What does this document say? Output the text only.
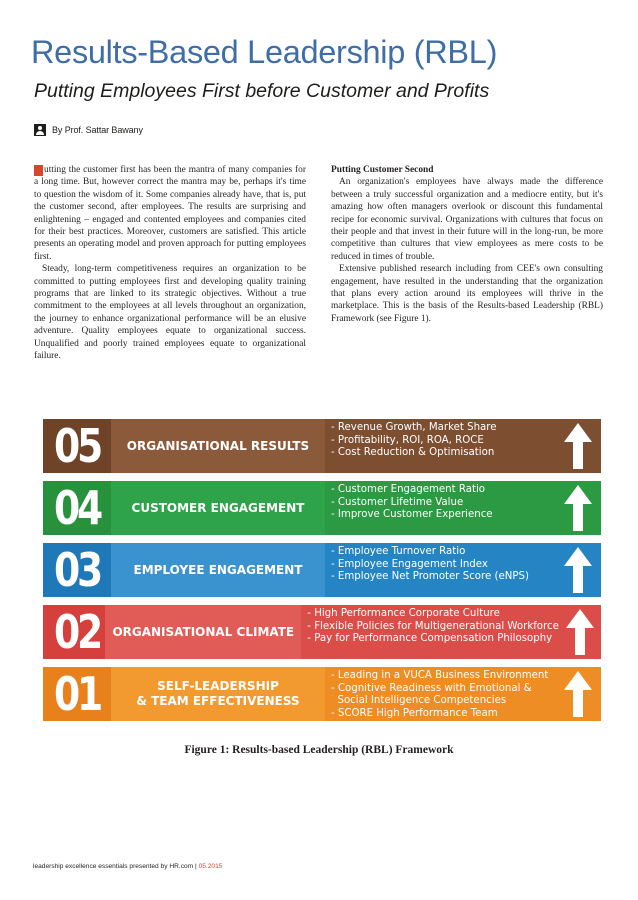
Results-Based Leadership (RBL)
Putting Employees First before Customer and Profits
By Prof. Sattar Bawany

P utting the customer first has been the mantra of many companies for a long time. But, however correct the mantra may be, perhaps it's time to question the wisdom of it. Some companies already have, that is, put the customer second, after employees. The results are surprising and enlightening – engaged and contented employees and companies cited for their best practices. Moreover, customers are satisfied. This article presents an operating model and proven approach for putting employees first.

Steady, long-term competitiveness requires an organization to be committed to putting employees first and developing quality training programs that are linked to its strategic objectives. Without a true commitment to the employees at all levels throughout an organization, the journey to enhance organizational performance will be an elusive adventure. Quality employees equate to organizational success. Unqualified and poorly trained employees equate to organizational failure.

Putting Customer Second

An organization's employees have always made the difference between a truly successful organization and a mediocre entity, but it's amazing how often managers overlook or discount this fundamental recipe for economic survival. Organizations with cultures that focus on their people and that invest in their future will in the long-run, be more competitive than cultures that view employees as mere costs to be reduced in times of trouble.

Extensive published research including from CEE's own consulting engagement, have resulted in the understanding that the organization that plans every action around its employees will thrive in the marketplace. This is the basis of the Results-based Leadership (RBL) Framework (see Figure 1).

05	ORGANISATIONAL RESULTS
- Revenue Growth, Market Share
- Profitability, ROI, ROA, ROCE
- Cost Reduction & Optimisation
04	CUSTOMER ENGAGEMENT
- Customer Engagement Ratio
- Customer Lifetime Value
- Improve Customer Experience
03	EMPLOYEE ENGAGEMENT
- Employee Turnover Ratio
- Employee Engagement Index
- Employee Net Promoter Score (eNPS)
02	ORGANISATIONAL CLIMATE
- High Performance Corporate Culture
- Flexible Policies for Multigenerational Workforce
- Pay for Performance Compensation Philosophy
01	SELF-LEADERSHIP
& TEAM EFFECTIVENESS
- Leading in a VUCA Business Environment
- Cognitive Readiness with Emotional &
Social Intelligence Competencies
- SCORE High Performance Team
Figure 1: Results-based Leadership (RBL) Framework
leadership excellence essentials presented by HR.com | 05.2015
